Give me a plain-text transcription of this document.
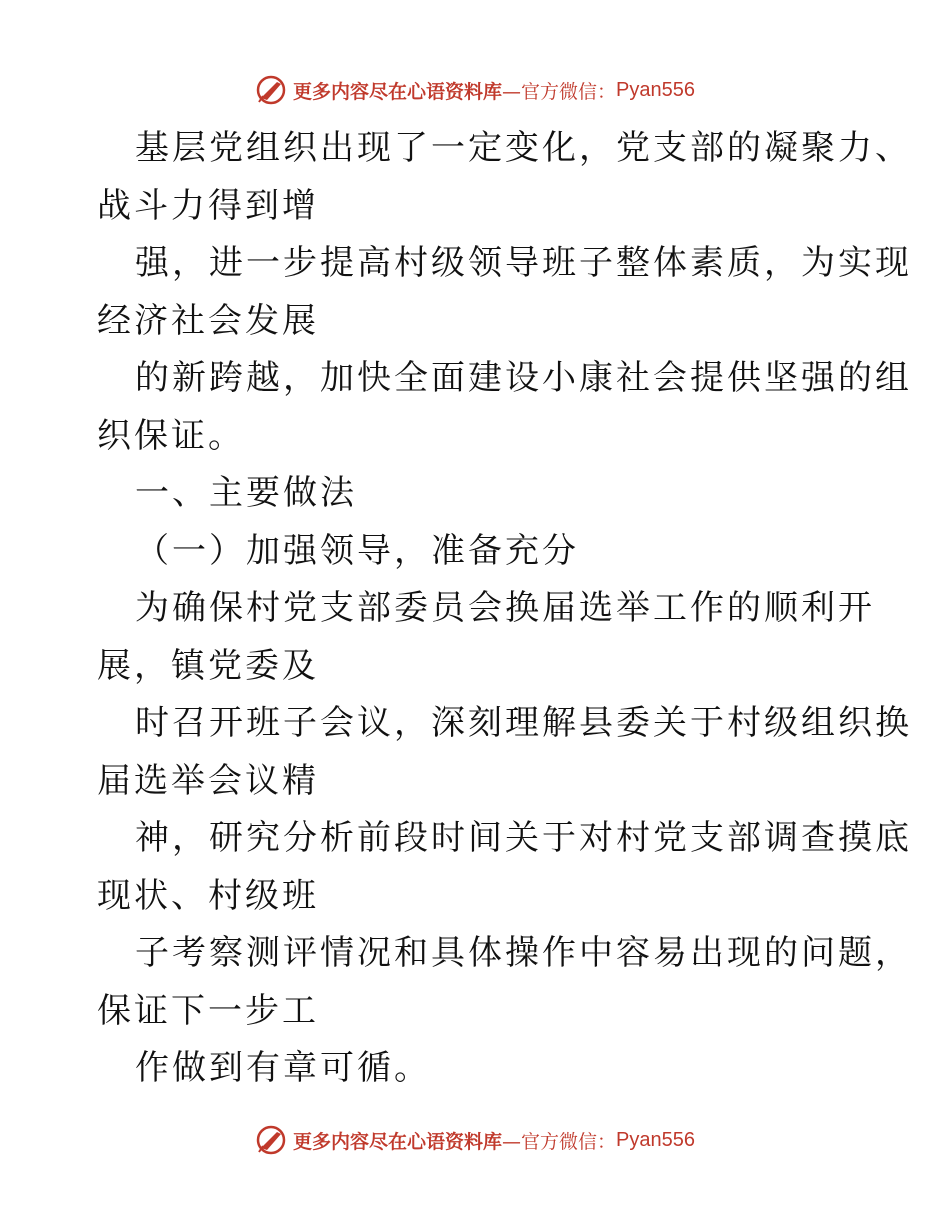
更多内容尽在心语资料库 —官方微信： Pyan556
基层党组织出现了一定变化，党支部的凝聚力、
战斗力得到增
强，进一步提高村级领导班子整体素质，为实现
经济社会发展
的新跨越，加快全面建设小康社会提供坚强的组
织保证。
一、主要做法
（一）加强领导，准备充分
为确保村党支部委员会换届选举工作的顺利开
展，镇党委及
时召开班子会议，深刻理解县委关于村级组织换
届选举会议精
神，研究分析前段时间关于对村党支部调查摸底
现状、村级班
子考察测评情况和具体操作中容易出现的问题，
保证下一步工
作做到有章可循。
更多内容尽在心语资料库 —官方微信： Pyan556
